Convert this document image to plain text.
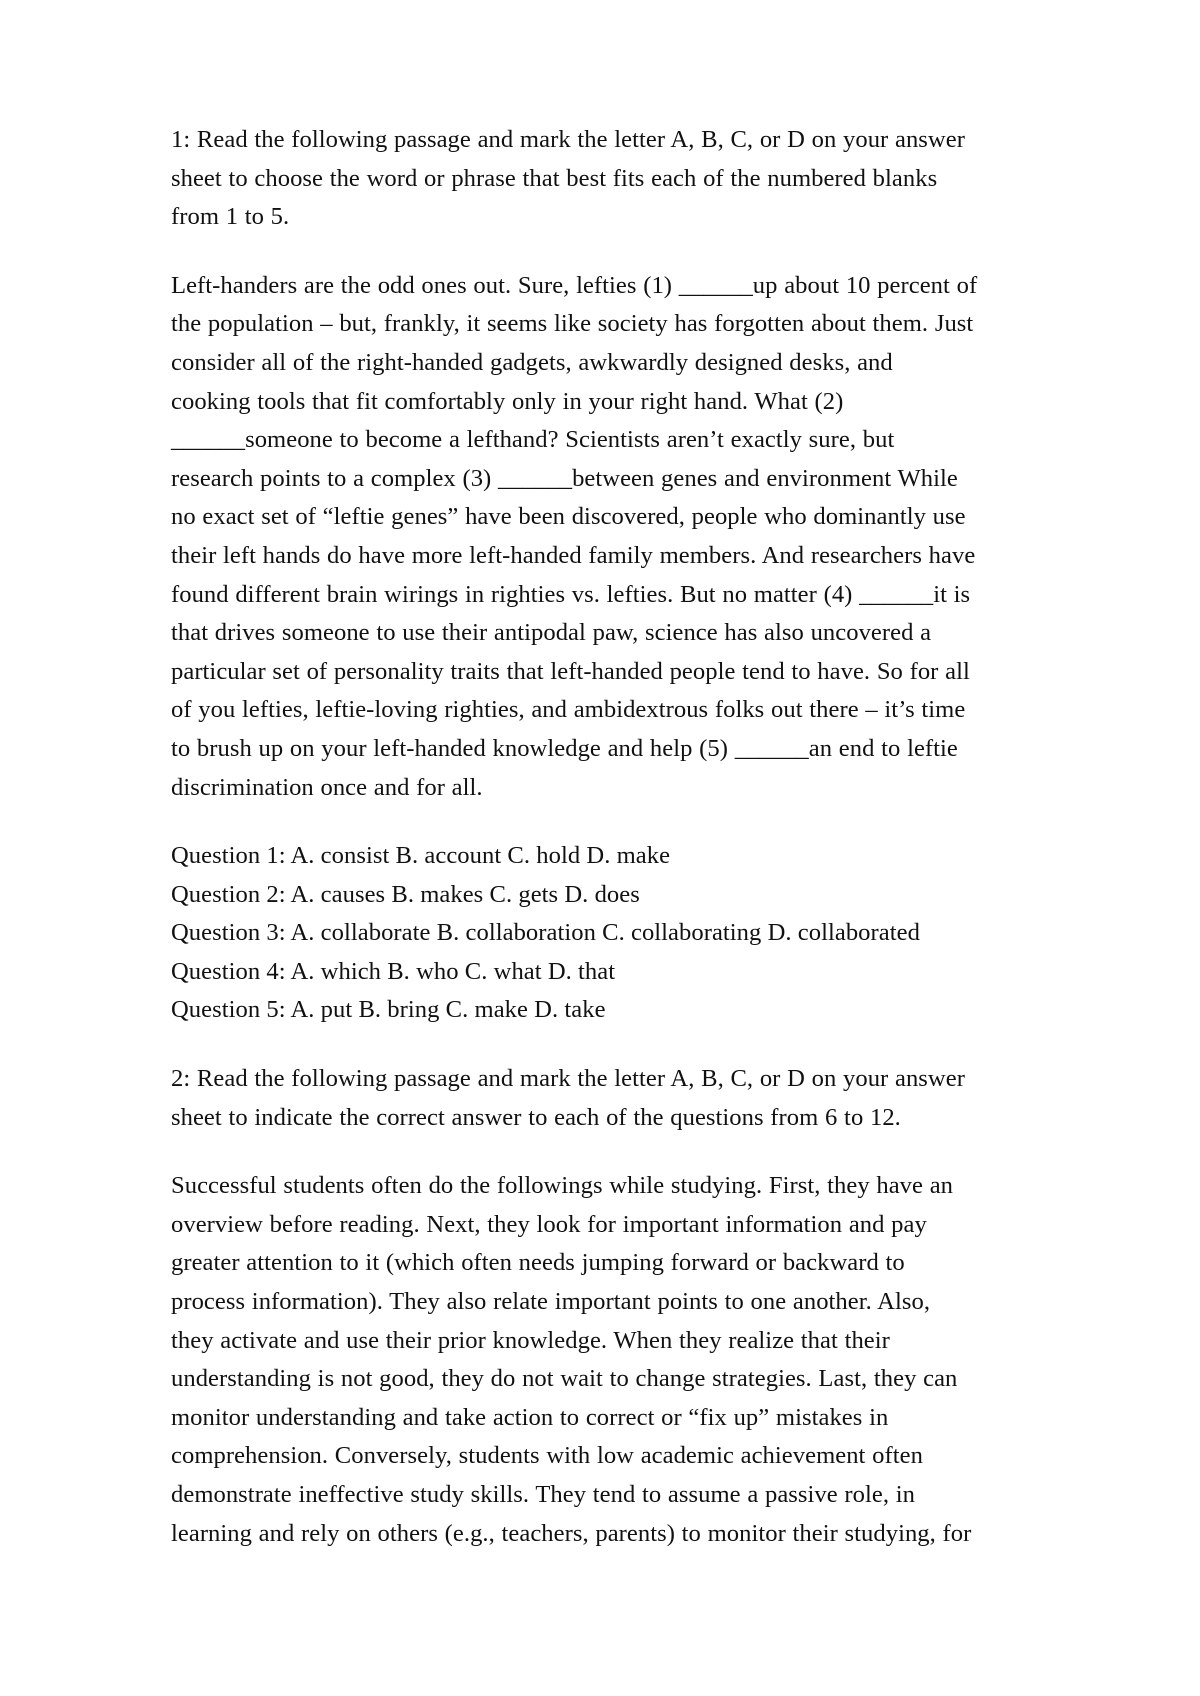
1: Read the following passage and mark the letter A, B, C, or D on your answer
sheet to choose the word or phrase that best fits each of the numbered blanks
from 1 to 5.

Left-handers are the odd ones out. Sure, lefties (1) ______up about 10 percent of
the population – but, frankly, it seems like society has forgotten about them. Just
consider all of the right-handed gadgets, awkwardly designed desks, and
cooking tools that fit comfortably only in your right hand. What (2)
______someone to become a lefthand? Scientists aren’t exactly sure, but
research points to a complex (3) ______between genes and environment While
no exact set of “leftie genes” have been discovered, people who dominantly use
their left hands do have more left-handed family members. And researchers have
found different brain wirings in righties vs. lefties. But no matter (4) ______it is
that drives someone to use their antipodal paw, science has also uncovered a
particular set of personality traits that left-handed people tend to have. So for all
of you lefties, leftie-loving righties, and ambidextrous folks out there – it’s time
to brush up on your left-handed knowledge and help (5) ______an end to leftie
discrimination once and for all.

Question 1: A. consist B. account C. hold D. make
Question 2: A. causes B. makes C. gets D. does
Question 3: A. collaborate B. collaboration C. collaborating D. collaborated
Question 4: A. which B. who C. what D. that
Question 5: A. put B. bring C. make D. take

2: Read the following passage and mark the letter A, B, C, or D on your answer
sheet to indicate the correct answer to each of the questions from 6 to 12.

Successful students often do the followings while studying. First, they have an
overview before reading. Next, they look for important information and pay
greater attention to it (which often needs jumping forward or backward to
process information). They also relate important points to one another. Also,
they activate and use their prior knowledge. When they realize that their
understanding is not good, they do not wait to change strategies. Last, they can
monitor understanding and take action to correct or “fix up” mistakes in
comprehension. Conversely, students with low academic achievement often
demonstrate ineffective study skills. They tend to assume a passive role, in
learning and rely on others (e.g., teachers, parents) to monitor their studying, for
